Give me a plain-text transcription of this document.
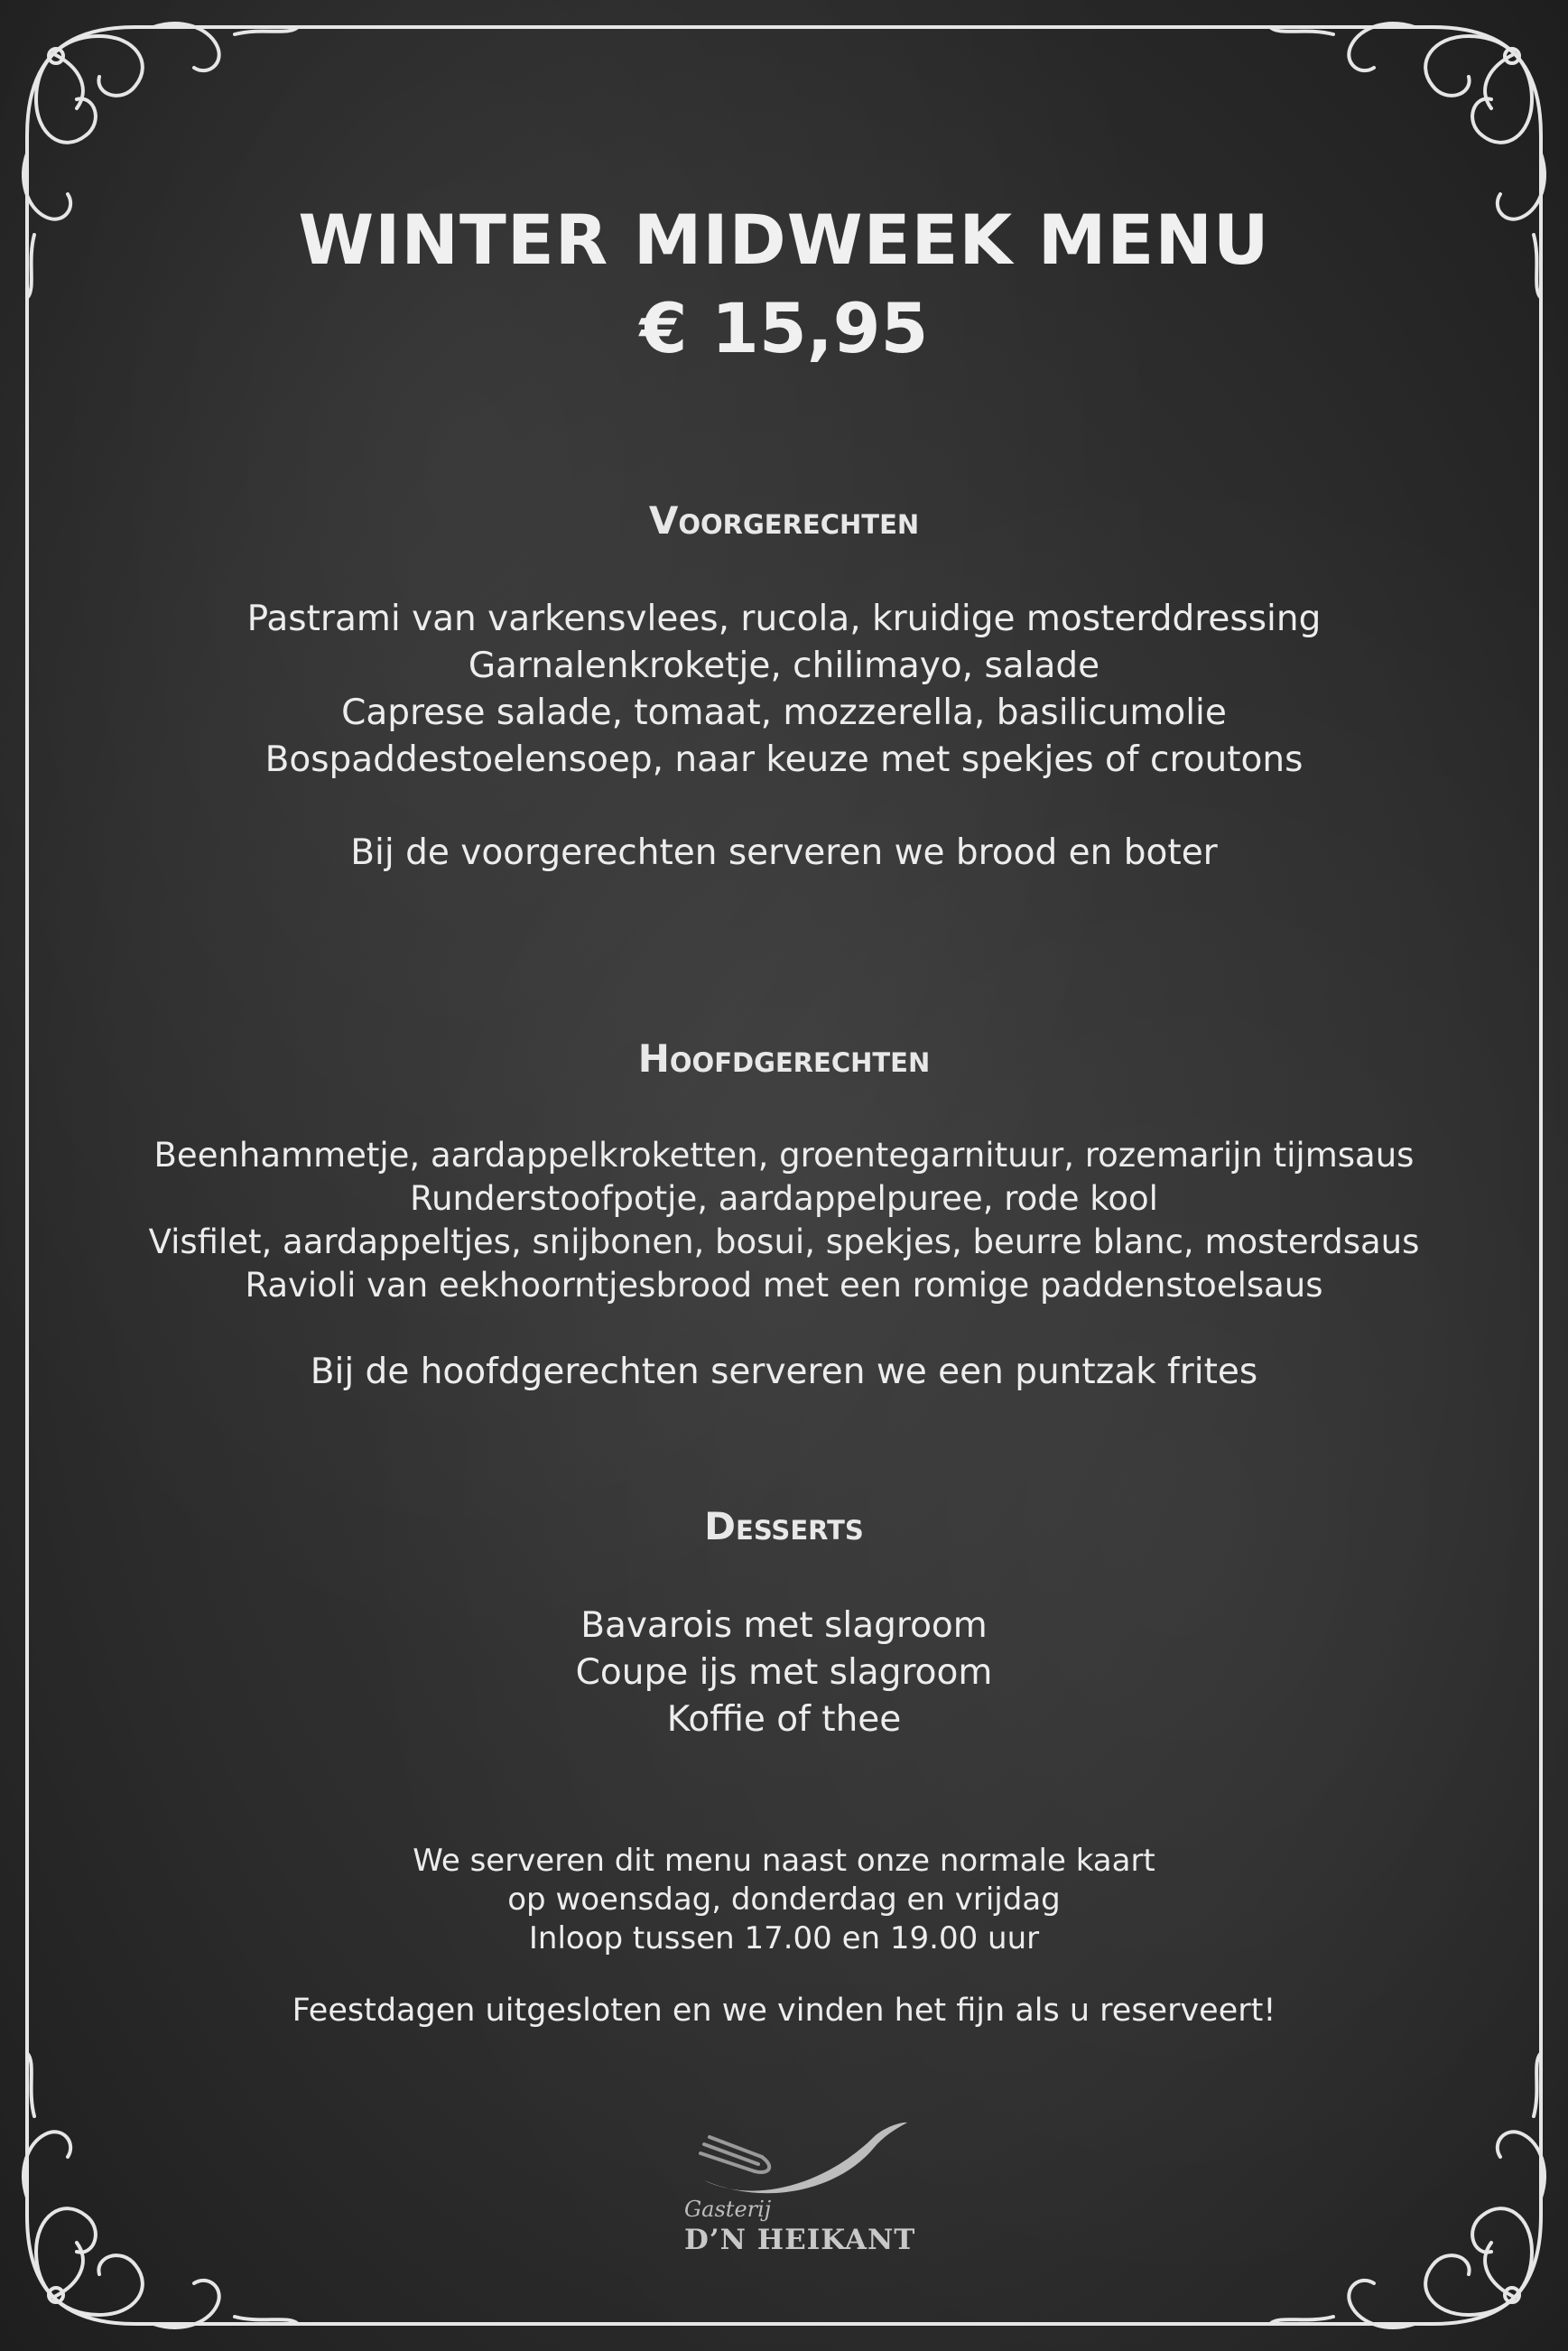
WINTER MIDWEEK MENU
€ 15,95
Voorgerechten
Pastrami van varkensvlees, rucola, kruidige mosterddressing
Garnalenkroketje, chilimayo, salade
Caprese salade, tomaat, mozzerella, basilicumolie
Bospaddestoelensoep, naar keuze met spekjes of croutons
Bij de voorgerechten serveren we brood en boter
Hoofdgerechten
Beenhammetje, aardappelkroketten, groentegarnituur, rozemarijn tijmsaus
Runderstoofpotje, aardappelpuree, rode kool
Visfilet, aardappeltjes, snijbonen, bosui, spekjes, beurre blanc, mosterdsaus
Ravioli van eekhoorntjesbrood met een romige paddenstoelsaus
Bij de hoofdgerechten serveren we een puntzak frites
Desserts
Bavarois met slagroom
Coupe ijs met slagroom
Koffie of thee
We serveren dit menu naast onze normale kaart
op woensdag, donderdag en vrijdag
Inloop tussen 17.00 en 19.00 uur
Feestdagen uitgesloten en we vinden het fijn als u reserveert!
Gasterij
D’N HEIKANT
